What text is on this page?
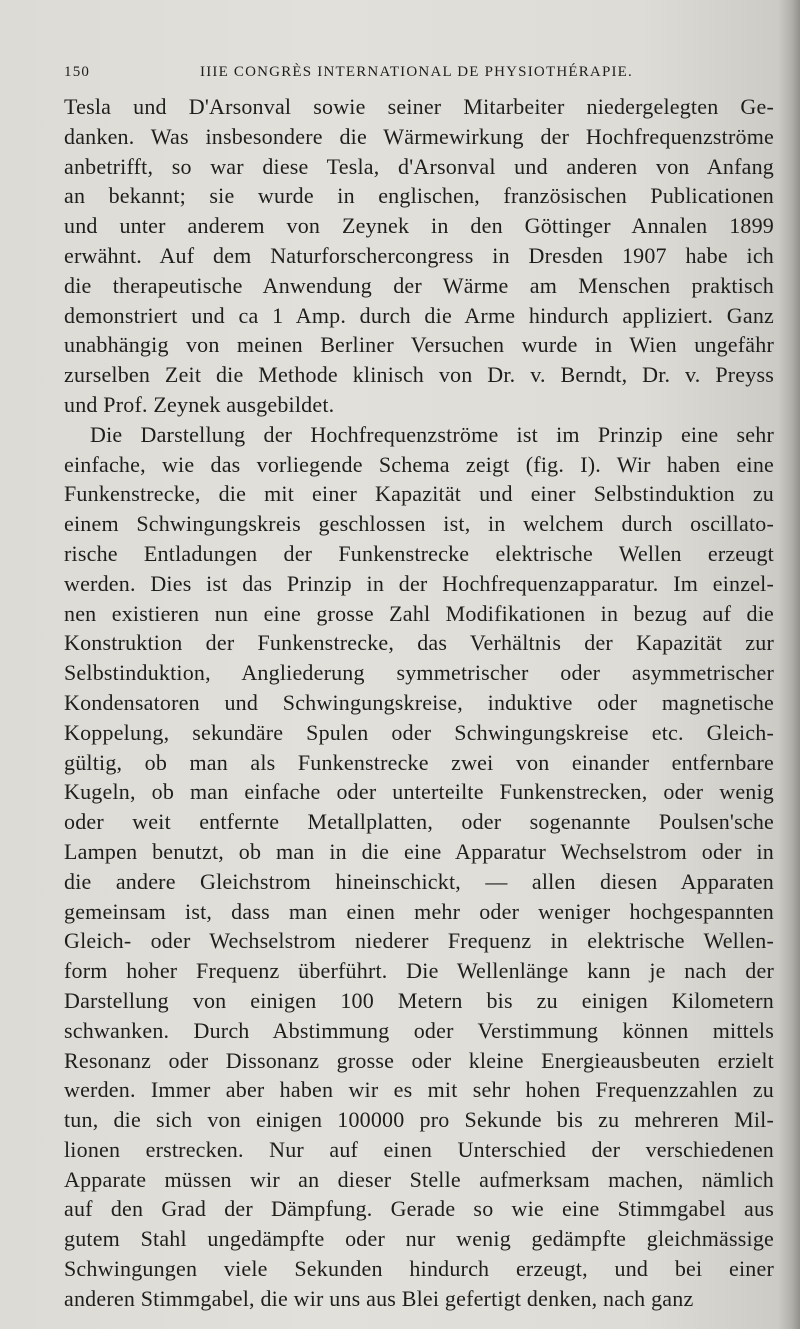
150	IIIE CONGRÈS INTERNATIONAL DE PHYSIOTHÉRAPIE.
Tesla und D'Arsonval sowie seiner Mitarbeiter niedergelegten Ge-
danken. Was insbesondere die Wärmewirkung der Hochfrequenzströme
anbetrifft, so war diese Tesla, d'Arsonval und anderen von Anfang
an bekannt; sie wurde in englischen, französischen Publicationen
und unter anderem von Zeynek in den Göttinger Annalen 1899
erwähnt. Auf dem Naturforschercongress in Dresden 1907 habe ich
die therapeutische Anwendung der Wärme am Menschen praktisch
demonstriert und ca 1 Amp. durch die Arme hindurch appliziert. Ganz
unabhängig von meinen Berliner Versuchen wurde in Wien ungefähr
zurselben Zeit die Methode klinisch von Dr. v. Berndt, Dr. v. Preyss
und Prof. Zeynek ausgebildet.
Die Darstellung der Hochfrequenzströme ist im Prinzip eine sehr
einfache, wie das vorliegende Schema zeigt (fig. I). Wir haben eine
Funkenstrecke, die mit einer Kapazität und einer Selbstinduktion zu
einem Schwingungskreis geschlossen ist, in welchem durch oscillato-
rische Entladungen der Funkenstrecke elektrische Wellen erzeugt
werden. Dies ist das Prinzip in der Hochfrequenzapparatur. Im einzel-
nen existieren nun eine grosse Zahl Modifikationen in bezug auf die
Konstruktion der Funkenstrecke, das Verhältnis der Kapazität zur
Selbstinduktion, Angliederung symmetrischer oder asymmetrischer
Kondensatoren und Schwingungskreise, induktive oder magnetische
Koppelung, sekundäre Spulen oder Schwingungskreise etc. Gleich-
gültig, ob man als Funkenstrecke zwei von einander entfernbare
Kugeln, ob man einfache oder unterteilte Funkenstrecken, oder wenig
oder weit entfernte Metallplatten, oder sogenannte Poulsen'sche
Lampen benutzt, ob man in die eine Apparatur Wechselstrom oder in
die andere Gleichstrom hineinschickt, — allen diesen Apparaten
gemeinsam ist, dass man einen mehr oder weniger hochgespannten
Gleich- oder Wechselstrom niederer Frequenz in elektrische Wellen-
form hoher Frequenz überführt. Die Wellenlänge kann je nach der
Darstellung von einigen 100 Metern bis zu einigen Kilometern
schwanken. Durch Abstimmung oder Verstimmung können mittels
Resonanz oder Dissonanz grosse oder kleine Energieausbeuten erzielt
werden. Immer aber haben wir es mit sehr hohen Frequenzzahlen zu
tun, die sich von einigen 100000 pro Sekunde bis zu mehreren Mil-
lionen erstrecken. Nur auf einen Unterschied der verschiedenen
Apparate müssen wir an dieser Stelle aufmerksam machen, nämlich
auf den Grad der Dämpfung. Gerade so wie eine Stimmgabel aus
gutem Stahl ungedämpfte oder nur wenig gedämpfte gleichmässige
Schwingungen viele Sekunden hindurch erzeugt, und bei einer
anderen Stimmgabel, die wir uns aus Blei gefertigt denken, nach ganz
